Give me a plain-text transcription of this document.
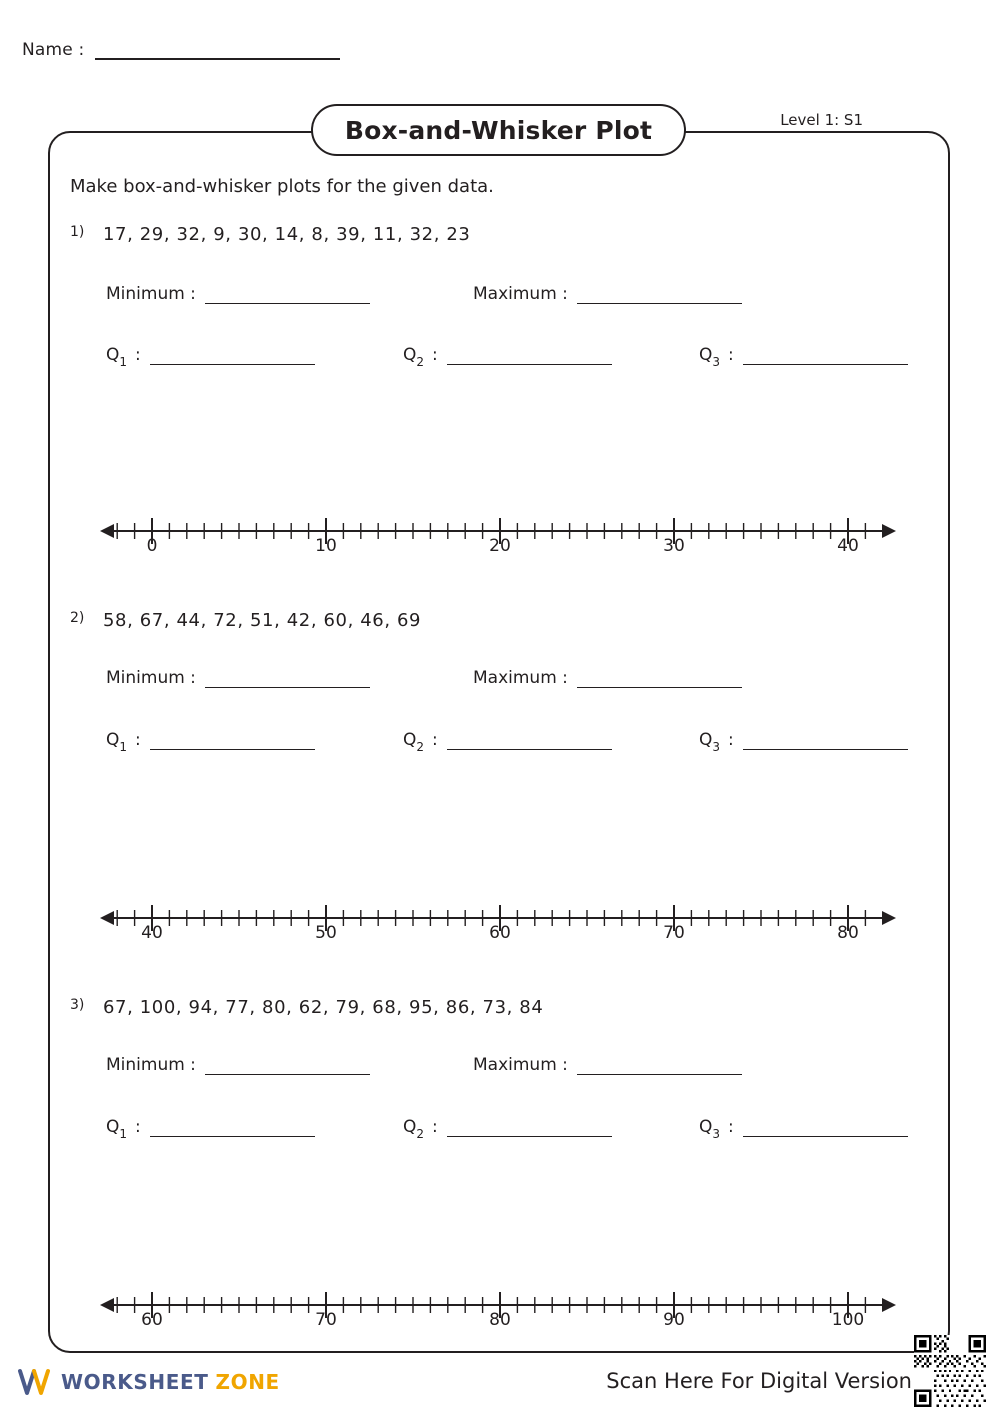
Name :
Box-and-Whisker Plot	Level 1: S1
Make box-and-whisker plots for the given data.
1) 17, 29, 32, 9, 30, 14, 8, 39, 11, 32, 23
Minimum :	Maximum :
Q 1 :	Q 2 :	Q 3 :
0	10	20	30	40
2) 58, 67, 44, 72, 51, 42, 60, 46, 69
Minimum :	Maximum :
Q 1 :	Q 2 :	Q 3 :
40	50	60	70	80
3) 67, 100, 94, 77, 80, 62, 79, 68, 95, 86, 73, 84
Minimum :	Maximum :
Q 1 :	Q 2 :	Q 3 :
60	70	80	90	100
WORKSHEET ZONE	Scan Here For Digital Version
